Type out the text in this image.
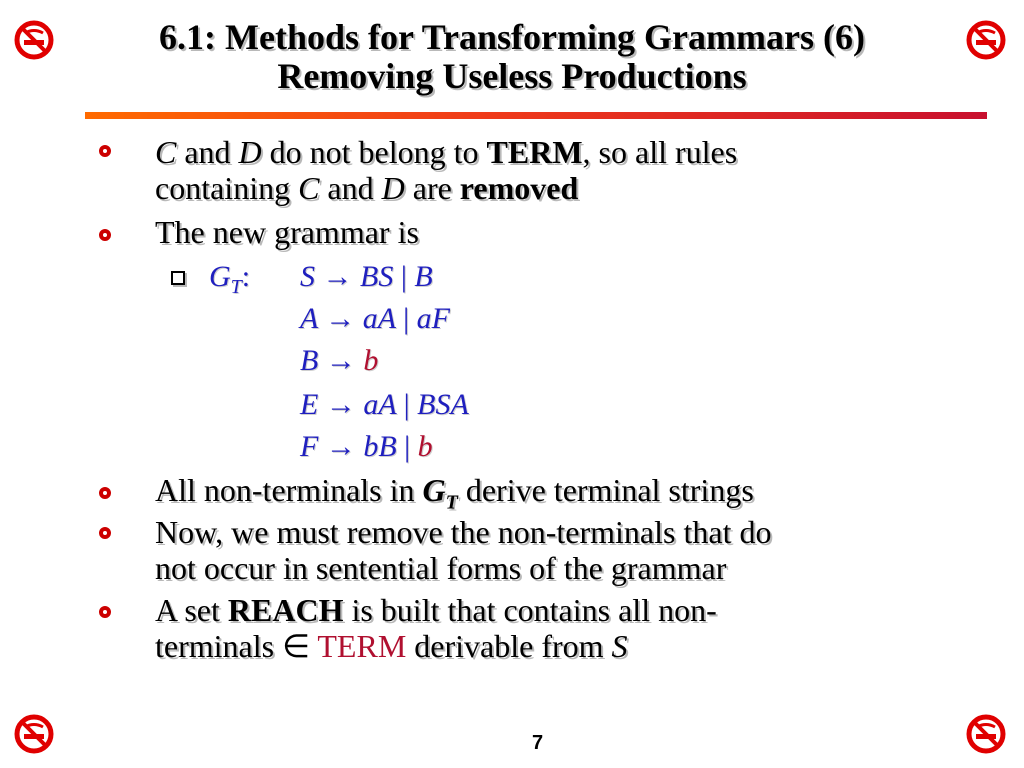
6.1: Methods for Transforming Grammars (6)
Removing Useless Productions
C and D do not belong to TERM, so all rules
containing C and D are removed
The new grammar is
$G_T$: S → BS | B
A → aA | aF
B → b
E → aA | BSA
F → bB | b
All non-terminals in $G_T$ derive terminal strings
Now, we must remove the non-terminals that do
not occur in sentential forms of the grammar
A set REACH is built that contains all non-
terminals ∈ TERM derivable from S
7
